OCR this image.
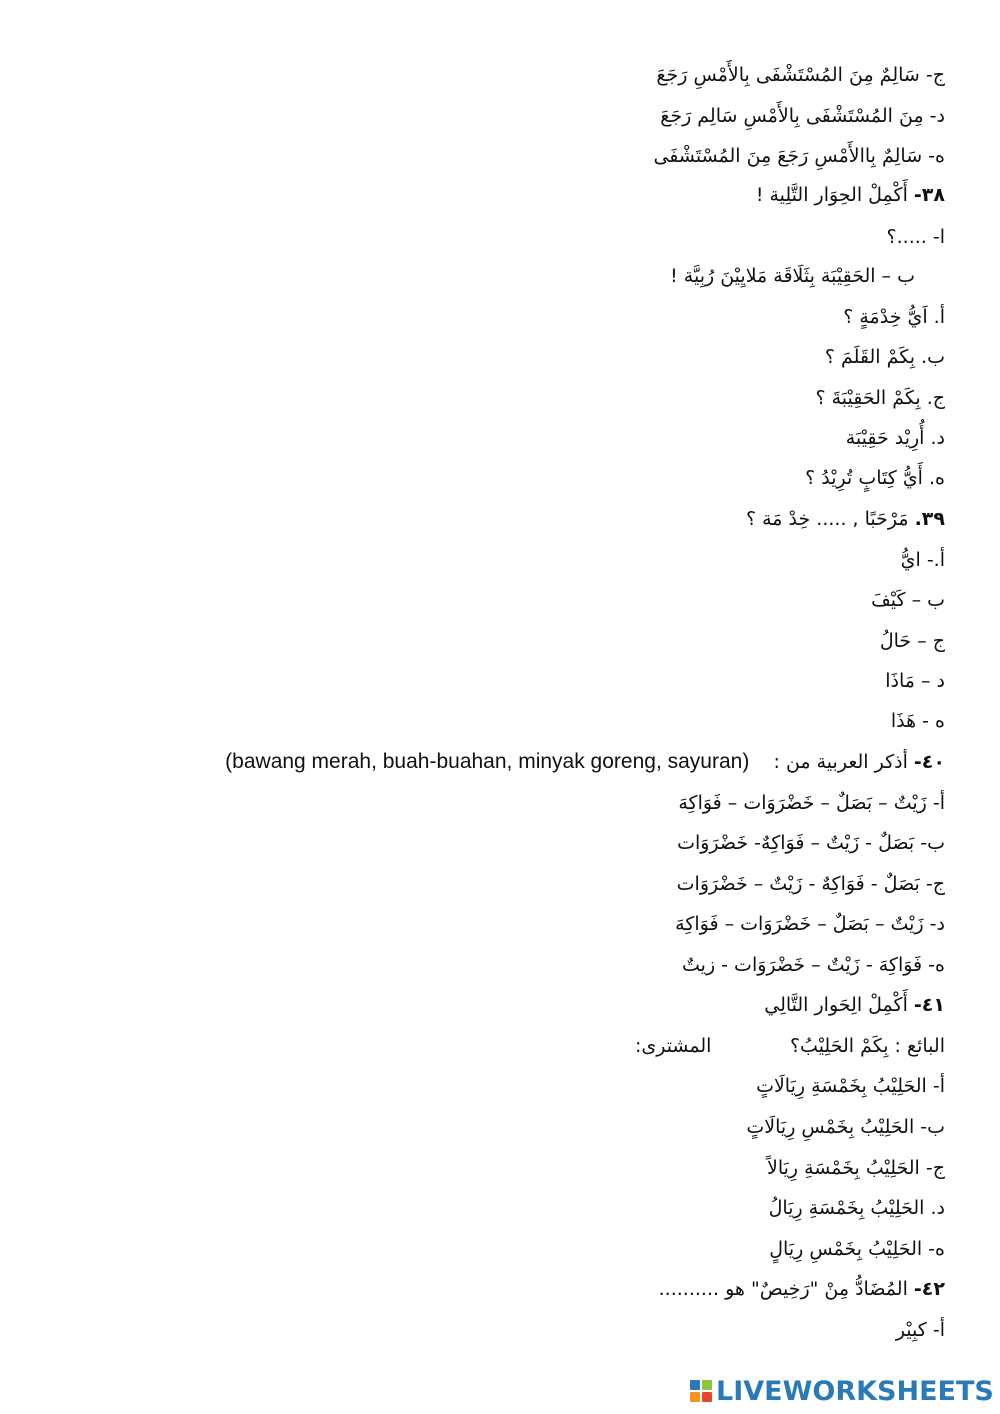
ج- سَالِمٌ مِنَ المُسْتَشْفَى بِالأَمْسِ رَجَعَ
د- مِنَ المُسْتَشْفَى بِالأَمْسِ سَالِم رَجَعَ
ه- سَالِمٌ بِاالأَمْسِ رَجَعَ مِنَ المُسْتَشْفَى
٣٨- أَكْمِلْ الحِوَار التَّلِية !
ا- .....؟
ب – الحَقِيْبَة بِثَلَاقَة مَلايِيْنَ رُبِيَّة !
أ. اَيُّ خِدْمَةٍ ؟
ب. بِكَمْ القَلَمَ ؟
ج. بِكَمْ الحَقِيْبَةَ ؟
د. أُرِيْد حَقِيْبَة
ه. أَيُّ كِتَابٍ تُرِيْدُ ؟
٣٩. مَرْحَبًا , ..... خِدْ مَة ؟
أ.- ايُّ
ب – كَيْفَ
ج – حَالُ
د – مَاذَا
ه - هَذَا
٤٠- أذكر العربية من :    (bawang merah, buah-buahan, minyak goreng, sayuran)
أ- زَيْتٌ – بَصَلٌ – خَضْرَوَات – فَوَاكِهَ
ب- بَصَلٌ - زَيْتٌ – فَوَاكِهٌ- خَضْرَوَات
ج- بَصَلٌ - فَوَاكِهٌ - زَيْتٌ – خَضْرَوَات
د- زَيْتٌ – بَصَلٌ – خَضْرَوَات – فَوَاكِهَ
ه- فَوَاكِهَ - زَيْتٌ – خَضْرَوَات - زيتٌ
٤١- أَكْمِلْ الِحَوار التَّالِي
البائع : بِكَمْ الحَلِيْبُ؟             المشترى:
أ- الحَلِيْبُ بِخَمْسَةِ رِيَالَاتٍ
ب- الحَلِيْبُ بِخَمْسِ رِيَالَاتٍ
ج- الحَلِيْبُ بِخَمْسَةِ رِيَالاً
د. الحَلِيْبُ بِخَمْسَةِ رِيَالُ
ه- الحَلِيْبُ بِخَمْسِ رِيَالٍ
٤٢- المُضَادُّ مِنْ "رَخِيصٌ" هو ..........
أ- كبِيْر
LIVEWORKSHEETS
